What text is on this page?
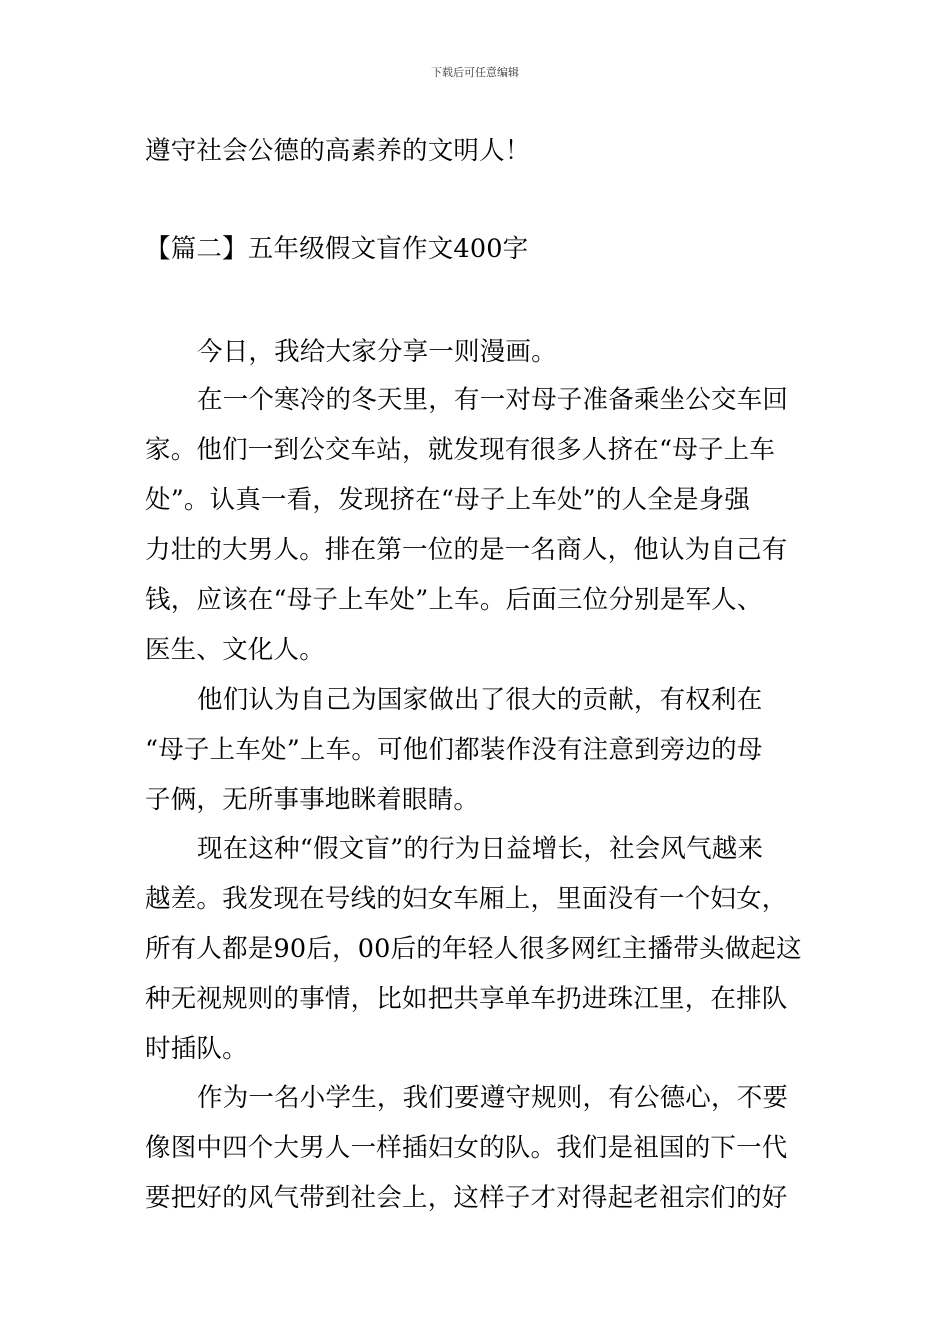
下载后可任意编辑
遵守社会公德的高素养的文明人！
【篇二】五年级假文盲作文400字
今日，我给大家分享一则漫画。
在一个寒冷的冬天里，有一对母子准备乘坐公交车回
家。他们一到公交车站，就发现有很多人挤在“母子上车
处”。认真一看，发现挤在“母子上车处”的人全是身强
力壮的大男人。排在第一位的是一名商人，他认为自己有
钱，应该在“母子上车处”上车。后面三位分别是军人、
医生、文化人。
他们认为自己为国家做出了很大的贡献，有权利在
“母子上车处”上车。可他们都装作没有注意到旁边的母
子俩，无所事事地眯着眼睛。
现在这种“假文盲”的行为日益增长，社会风气越来
越差。我发现在号线的妇女车厢上，里面没有一个妇女，
所有人都是90后，00后的年轻人很多网红主播带头做起这
种无视规则的事情，比如把共享单车扔进珠江里，在排队
时插队。
作为一名小学生，我们要遵守规则，有公德心，不要
像图中四个大男人一样插妇女的队。我们是祖国的下一代
要把好的风气带到社会上，这样子才对得起老祖宗们的好
